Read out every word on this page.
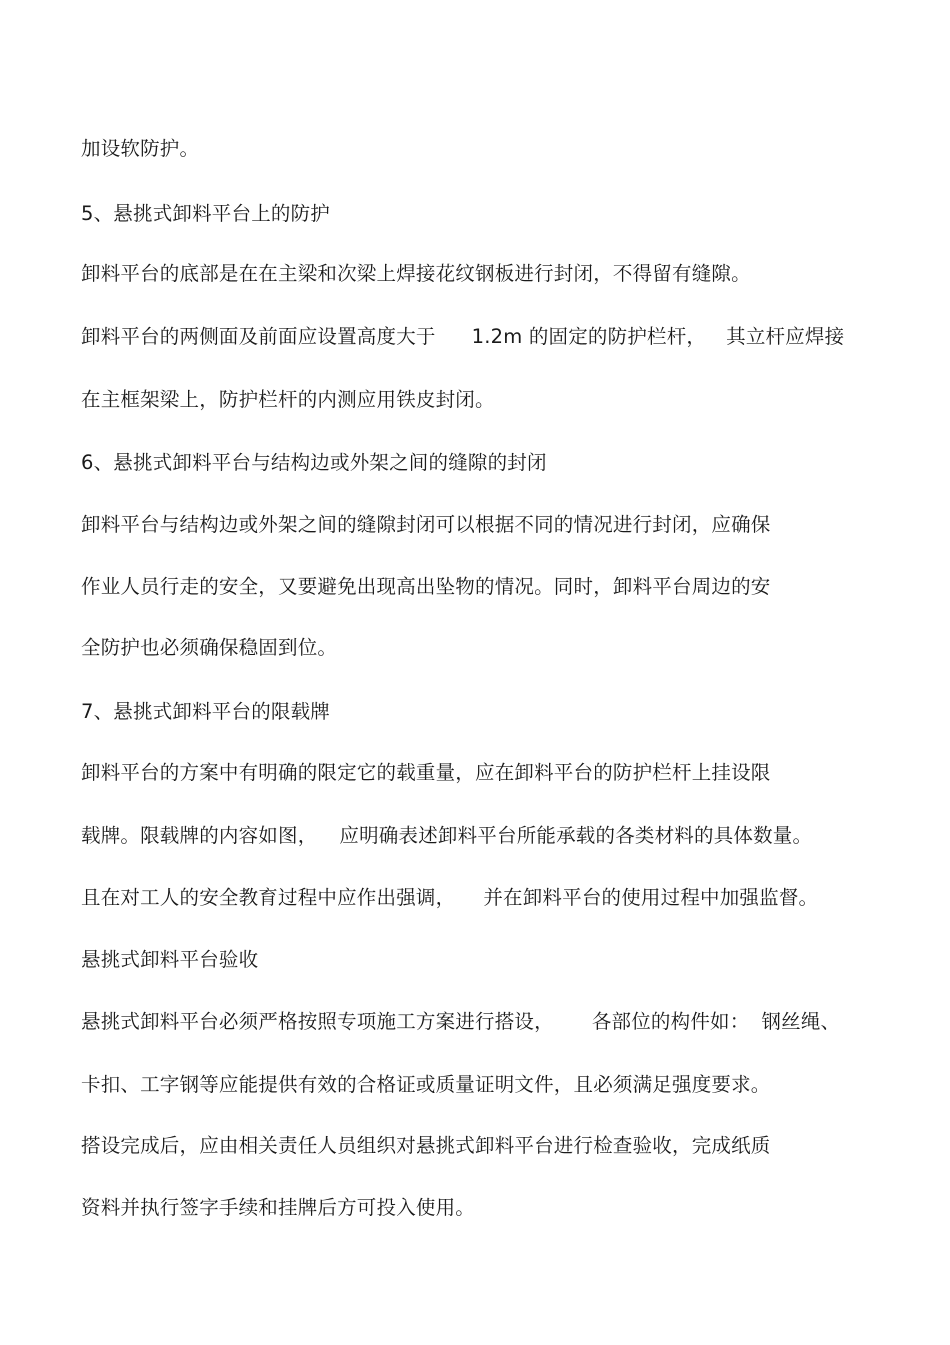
加设软防护。
5、悬挑式卸料平台上的防护
卸料平台的底部是在在主梁和次梁上焊接花纹钢板进行封闭，不得留有缝隙。
卸料平台的两侧面及前面应设置高度大于 1.2m 的固定的防护栏杆， 其立杆应焊接
在主框架梁上，防护栏杆的内测应用铁皮封闭。
6、悬挑式卸料平台与结构边或外架之间的缝隙的封闭
卸料平台与结构边或外架之间的缝隙封闭可以根据不同的情况进行封闭，应确保
作业人员行走的安全，又要避免出现高出坠物的情况。同时，卸料平台周边的安
全防护也必须确保稳固到位。
7、悬挑式卸料平台的限载牌
卸料平台的方案中有明确的限定它的载重量，应在卸料平台的防护栏杆上挂设限
载牌。限载牌的内容如图， 应明确表述卸料平台所能承载的各类材料的具体数量。
且在对工人的安全教育过程中应作出强调， 并在卸料平台的使用过程中加强监督。
悬挑式卸料平台验收
悬挑式卸料平台必须严格按照专项施工方案进行搭设， 各部位的构件如： 钢丝绳、
卡扣、工字钢等应能提供有效的合格证或质量证明文件，且必须满足强度要求。
搭设完成后，应由相关责任人员组织对悬挑式卸料平台进行检查验收，完成纸质
资料并执行签字手续和挂牌后方可投入使用。
